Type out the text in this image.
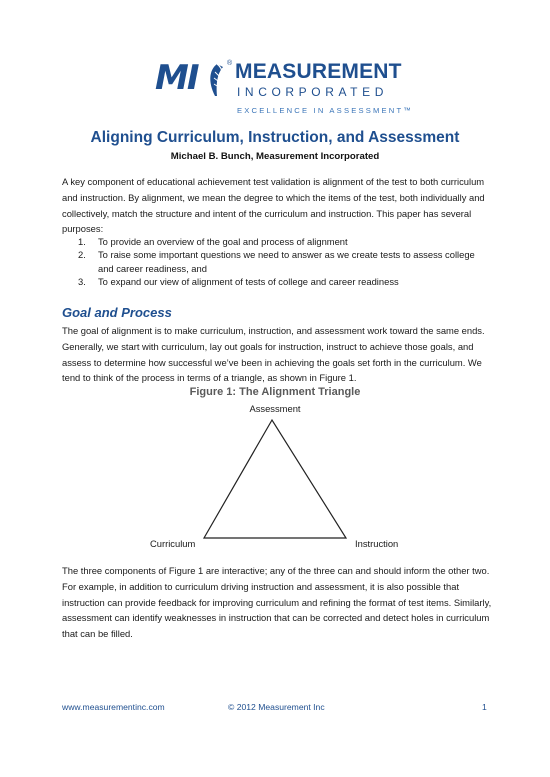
MI	® MEASUREMENT
INCORPORATED
EXCELLENCE IN ASSESSMENT™
Aligning Curriculum, Instruction, and Assessment
Michael B. Bunch, Measurement Incorporated

A key component of educational achievement test validation is alignment of the test to both curriculum and instruction. By alignment, we mean the degree to which the items of the test, both individually and collectively, match the structure and intent of the curriculum and instruction. This paper has several purposes:

1. To provide an overview of the goal and process of alignment
2. To raise some important questions we need to answer as we create tests to assess college and career readiness, and
3. To expand our view of alignment of tests of college and career readiness
Goal and Process

The goal of alignment is to make curriculum, instruction, and assessment work toward the same ends. Generally, we start with curriculum, lay out goals for instruction, instruct to achieve those goals, and assess to determine how successful we’ve been in achieving the goals set forth in the curriculum. We tend to think of the process in terms of a triangle, as shown in Figure 1.

Figure 1: The Alignment Triangle
Assessment
Curriculum	Instruction

The three components of Figure 1 are interactive; any of the three can and should inform the other two. For example, in addition to curriculum driving instruction and assessment, it is also possible that instruction can provide feedback for improving curriculum and refining the format of test items. Similarly, assessment can identify weaknesses in instruction that can be corrected and detect holes in curriculum that can be filled.

www.measurementinc.com	© 2012 Measurement Inc	1
